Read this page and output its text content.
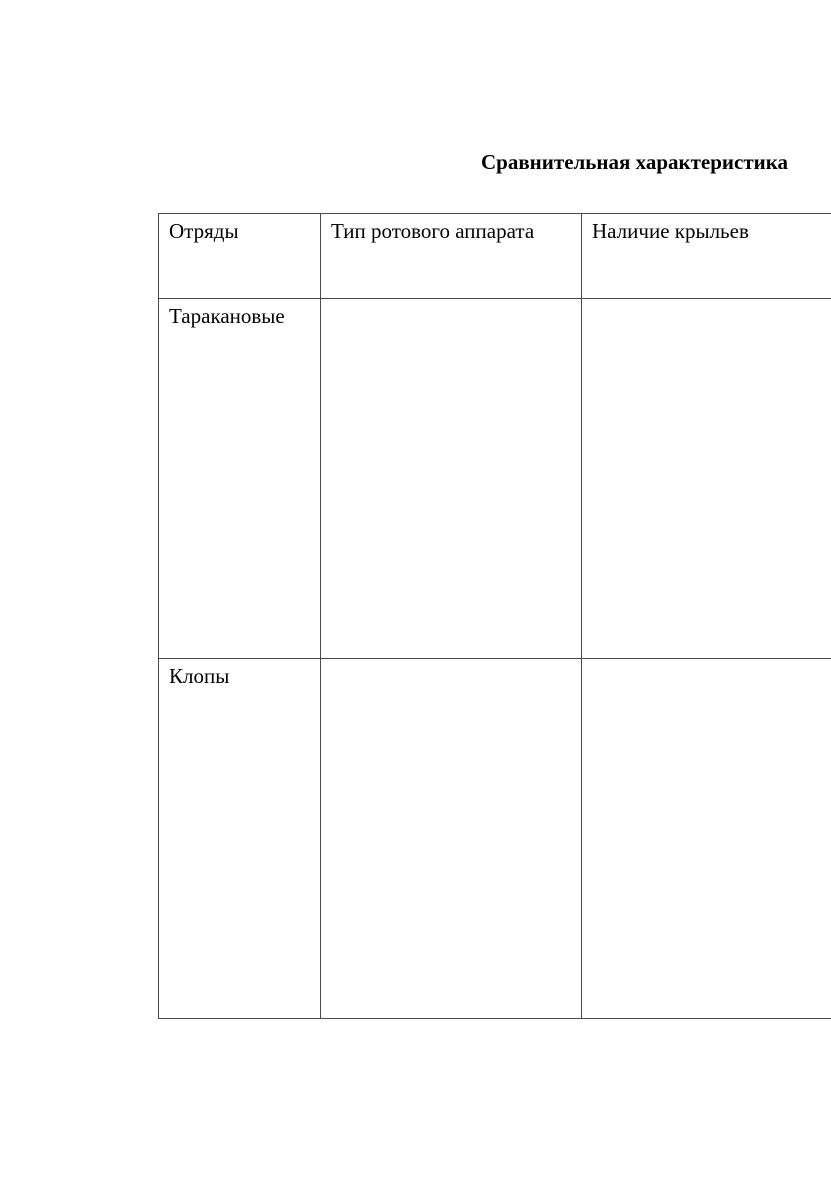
Сравнительная характеристика
Отряды	Тип ротового аппарата	Наличие крыльев
Таракановые		
Клопы		
